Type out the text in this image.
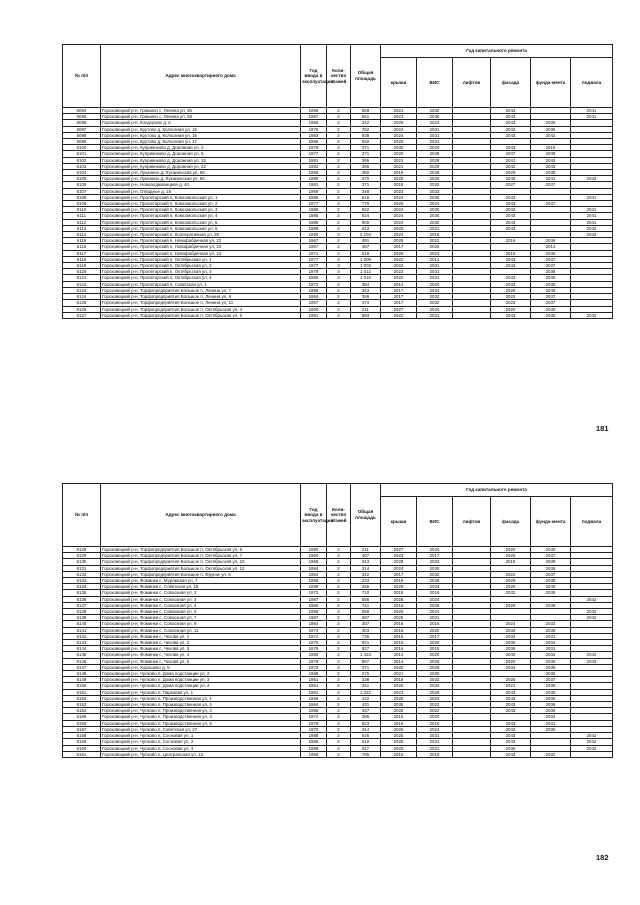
№ п/п	Адрес многоквартирного дома	Год ввода в эксплуатацию	Коли-чество этажей	Общая площадь	Год капитального ремонта					
					крыши	ВИС	лифтов	фасада	фунда-мента	подвала
6094	Гороховецкий р-н, Гришино с, Ленина ул, 56	1986	2	559	2021	2030		2043		2041
6095	Гороховецкий р-н, Гришино с, Ленина ул, 58	1987	2	561	2021	2030		2043		2041
6096	Гороховецкий р-н, Кондорово д, 6	1968	2	342	2025	2023		2043	2036	
6097	Гороховецкий р-н, Крутово д, Колхозная ул, 15	1976	2	752	2024	2031		2043	2036	
6098	Гороховецкий р-н, Крутово д, Колхозная ул, 16	1982	2	938	2024	2031		2043	2042	
6099	Гороховецкий р-н, Крутово д, Колхозная ул, 17	1968	2	930	2025	2031				
6100	Гороховецкий р-н, Куприянково д, Дорожная ул, 2	1976	2	371	2030	2020		2043	2015	
6101	Гороховецкий р-н, Куприянково д, Дорожная ул, 5	1977	2	371	2020	2029		2037	2039	
6102	Гороховецкий р-н, Куприянково д, Дорожная ул, 15	1981	2	395	2021	2029		2041	2042	
6103	Гороховецкий р-н, Куприянково д, Дорожная ул, 22	1982	2	396	2021	2029		2042	2043	
6104	Гороховецкий р-н, Луканино д, Луканинская ул, 65	1969	2	360	2019	2028		2029	2038	
6105	Гороховецкий р-н, Луканино д, Луканинская ул, 66	1980	2	370	2020	2029		2040	2041	2043
6106	Гороховецкий р-н, Новоалдаманцева д, 40	1981	2	371	2018	2025		2027	2037	
6107	Гороховецкий р-н, Отводное д, 15	1969	2	348	2023	2033				
6108	Гороховецкий р-н, Пролетарский п, Комсомольская ул, 1	1985	2	615	2024	2030		2043		2041
6109	Гороховецкий р-н, Пролетарский п, Комсомольская ул, 2	1977	2	779	2026	2024		2043	2037	
6110	Гороховецкий р-н, Пролетарский п, Комсомольская ул, 3	1985	2	622	2024	2030		2043		2041
6111	Гороховецкий р-н, Пролетарский п, Комсомольская ул, 4	1985	2	624	2024	2030		2043		2041
6112	Гороховецкий р-н, Пролетарский п, Комсомольская ул, 5	1989	2	600	2024	2030		2043		2041
6113	Гороховецкий р-н, Пролетарский п, Комсомольская ул, 6	1989	2	613	2025	2031		2043		2042
6114	Гороховецкий р-н, Пролетарский п, Кооперативная ул, 28	1990	3	2 193	2024	2015				2043
6115	Гороховецкий р-н, Пролетарский п, Новофабричная ул, 22	1967	2	491	2025	2022		2016	2036	
6116	Гороховецкий р-н, Пролетарский п, Новофабричная ул, 23	1957	2	487	2017	2025			2014	
6117	Гороховецкий р-н, Пролетарский п, Новофабричная ул, 24	1971	2	518	2026	2023		2016	2036	
6118	Гороховецкий р-н, Пролетарский п, Октябрьская ул, 1	1977	3	1 009	2022	2014		2043	2037	
6119	Гороховецкий р-н, Пролетарский п, Октябрьская ул, 2	1977	3	1 003	2022	2031		2043	2037	
6120	Гороховецкий р-н, Пролетарский п, Октябрьская ул, 3	1979	3	1 012	2022	2031			2038	
6121	Гороховецкий р-н, Пролетарский п, Октябрьская ул, 4	1980	3	1 010	2022	2031		2043	2040	
6122	Гороховецкий р-н, Пролетарский п, Советская ул, 1	1973	2	384	2014	2020		2033	2035	
6123	Гороховецкий р-н, Торфопредприятия Большое п, Ленина ул, 7	1955	2	343	2017	2034		2026	2040	
6124	Гороховецкий р-н, Торфопредприятия Большое п, Ленина ул, 9	1954	2	356	2017	2032		2022	2037	
6125	Гороховецкий р-н, Торфопредприятия Большое п, Ленина ул, 11	1957	2	374	2017	2032		2023	2037	
6126	Гороховецкий р-н, Торфопредприятия Большое п, Октябрьская ул, 4	1800	2	211	2027	2034		2020	2040	
6127	Гороховецкий р-н, Торфопредприятия Большое п, Октябрьская ул, 5	1991	2	593	2022	2031		2043	2035	2042
181
№ п/п	Адрес многоквартирного дома	Год ввода в эксплуатацию	Коли-чество этажей	Общая площадь	Год капитального ремонта					
					крыши	ВИС	лифтов	фасада	фунда-мента	подвала
6128	Гороховецкий р-н, Торфопредприятия Большое п, Октябрьская ул, 6	1990	2	211	2027	2034		2020	2040	
6129	Гороховецкий р-н, Торфопредприятия Большое п, Октябрьская ул, 7	1960	2	407	2023	2017		2026	2037	
6130	Гороховецкий р-н, Торфопредприятия Большое п, Октябрьская ул, 10	1959	2	313	2028	2033		2019	2039	
6131	Гороховецкий р-н, Торфопредприятия Большое п, Октябрьская ул, 12	1984	2	314	2024	2030			2036	
6132	Гороховецкий р-н, Торфопредприятия Большое п, Фрунзе ул, 6	1954	2	342	2017	2032		2022	2037	
6133	Гороховецкий р-н, Фоминки с, Муромская ул, 7	1959	2	233	2019	2028		2029	2038	
6134	Гороховецкий р-н, Фоминки с, Советская ул, 18	1939	2	255	2026	2034		2026	2040	
6135	Гороховецкий р-н, Фоминки с, Совхозная ул, 2	1972	2	710	2015	2019		2032	2035	
6136	Гороховецкий р-н, Фоминки с, Совхозная ул, 3	1987	2	556	2026	2024				2042
6137	Гороховецкий р-н, Фоминки с, Совхозная ул, 4	1969	2	741	2016	2028		2029	2038	
6138	Гороховецкий р-н, Фоминки с, Совхозная ул, 5	1986	2	559	2026	2024				2042
6139	Гороховецкий р-н, Фоминки с, Совхозная ул, 7	1987	2	587	2025	2031				2042
6140	Гороховецкий р-н, Фоминки с, Совхозная ул, 9	1964	2	307	2016	2016		2024	2032	
6141	Гороховецкий р-н, Фоминки с, Совхозная ул, 11	1974	2	303	2016	2020		2034	2036	
6142	Гороховецкий р-н, Фоминки с, Чехова ул, 1	1974	2	736	2015	2017		2034	2031	
6143	Гороховецкий р-н, Фоминки с, Чехова ул, 2	1976	2	941	2016	2020		2036	2034	
6144	Гороховецкий р-н, Фоминки с, Чехова ул, 3	1976	2	927	2016	2015		2036	2031	
6145	Гороховецкий р-н, Фоминки с, Чехова ул, 4	1980	2	1 423	2014	2020		2040	2034	2042
6146	Гороховецкий р-н, Фоминки с, Чехова ул, 5	1979	2	867	2014	2029		2020	2035	2043
6147	Гороховецкий р-н, Хорошево д, 5	1973	2	371	2020	2028		2034	2039	
6148	Гороховецкий р-н, Чулково п, Дома подстанции ул, 2	1968	2	275	2021	2030			2030	
6149	Гороховецкий р-н, Чулково п, Дома подстанции ул, 3	1961	2	338	2018	2032		2025	2037	
6150	Гороховецкий р-н, Чулково п, Дома подстанции ул, 4	1961	2	341	2026	2033		2021	2039	
6151	Гороховецкий р-н, Чулково п, Парковая ул, 1	1981	2	1 322	2021	2029		2043	2035	
6152	Гороховецкий р-н, Чулково п, Производственная ул, 1	1969	2	422	2025	2023		2043	2036	
6153	Гороховецкий р-н, Чулково п, Производственная ул, 2	1964	2	431	2035	2022		2043	2036	
6154	Гороховецкий р-н, Чулково п, Производственная ул, 3	1965	2	337	2025	2022		2043	2036	
6155	Гороховецкий р-н, Чулково п, Производственная ул, 4	1974	2	385	2015	2020			2034	
6156	Гороховецкий р-н, Чулково п, Производственная ул, 5	1976	2	823	2016	2016		2043	2031	
6157	Гороховецкий р-н, Чулково п, Советская ул, 27	1970	2	314	2026	2024		2043	2036	
6158	Гороховецкий р-н, Чулково п, Сосновая ул, 1	1988	2	635	2025	2031		2043		2042
6159	Гороховецкий р-н, Чулково п, Сосновая ул, 2	1988	2	610	2025	2031		2043		2042
6160	Гороховецкий р-н, Чулково п, Сосновая ул, 3	1988	2	617	2025	2031		2036		2042
6161	Гороховецкий р-н, Чулково п, Центральная ул, 13	1968	2	795	2016	2019		2043	2032	
182
